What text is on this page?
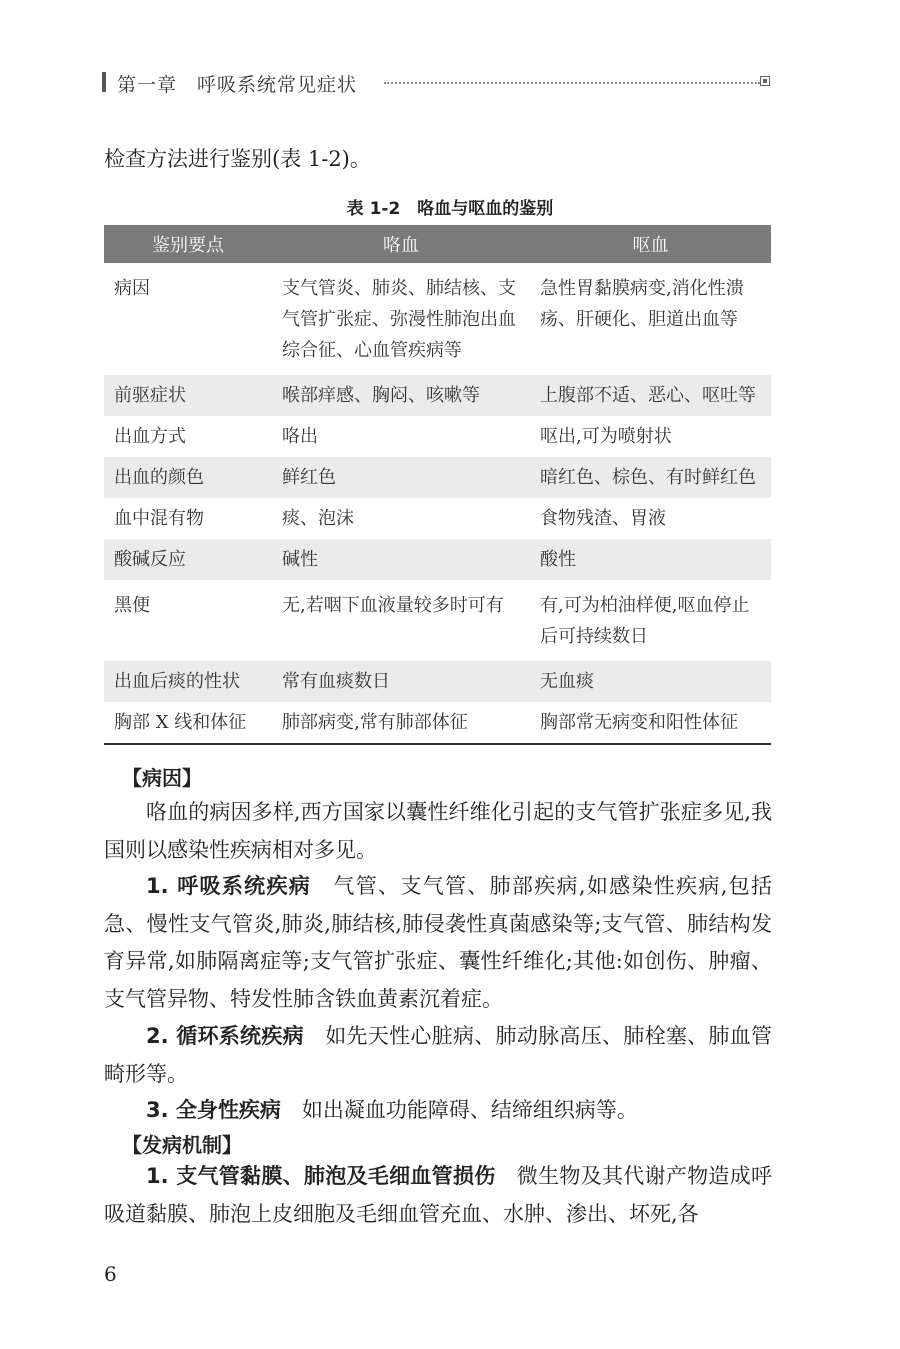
第一章　呼吸系统常见症状
检查方法进行鉴别(表 1-2)。
表 1-2　咯血与呕血的鉴别
鉴别要点	咯血	呕血
病因	支气管炎、肺炎、肺结核、支气管扩张症、弥漫性肺泡出血综合征、心血管疾病等	急性胃黏膜病变,消化性溃疡、肝硬化、胆道出血等
前驱症状	喉部痒感、胸闷、咳嗽等	上腹部不适、恶心、呕吐等
出血方式	咯出	呕出,可为喷射状
出血的颜色	鲜红色	暗红色、棕色、有时鲜红色
血中混有物	痰、泡沫	食物残渣、胃液
酸碱反应	碱性	酸性
黑便	无,若咽下血液量较多时可有	有,可为柏油样便,呕血停止后可持续数日
出血后痰的性状	常有血痰数日	无血痰
胸部 X 线和体征	肺部病变,常有肺部体征	胸部常无病变和阳性体征
【病因】

咯血的病因多样,西方国家以囊性纤维化引起的支气管扩张症多见,我国则以感染性疾病相对多见。

1. 呼吸系统疾病　 气管、支气管、肺部疾病,如感染性疾病,包括急、慢性支气管炎,肺炎,肺结核,肺侵袭性真菌感染等;支气管、肺结构发育异常,如肺隔离症等;支气管扩张症、囊性纤维化;其他:如创伤、肿瘤、支气管异物、特发性肺含铁血黄素沉着症。

2. 循环系统疾病　 如先天性心脏病、肺动脉高压、肺栓塞、肺血管畸形等。

3. 全身性疾病　 如出凝血功能障碍、结缔组织病等。

【发病机制】

1. 支气管黏膜、肺泡及毛细血管损伤　 微生物及其代谢产物造成呼吸道黏膜、肺泡上皮细胞及毛细血管充血、水肿、渗出、坏死,各

6
